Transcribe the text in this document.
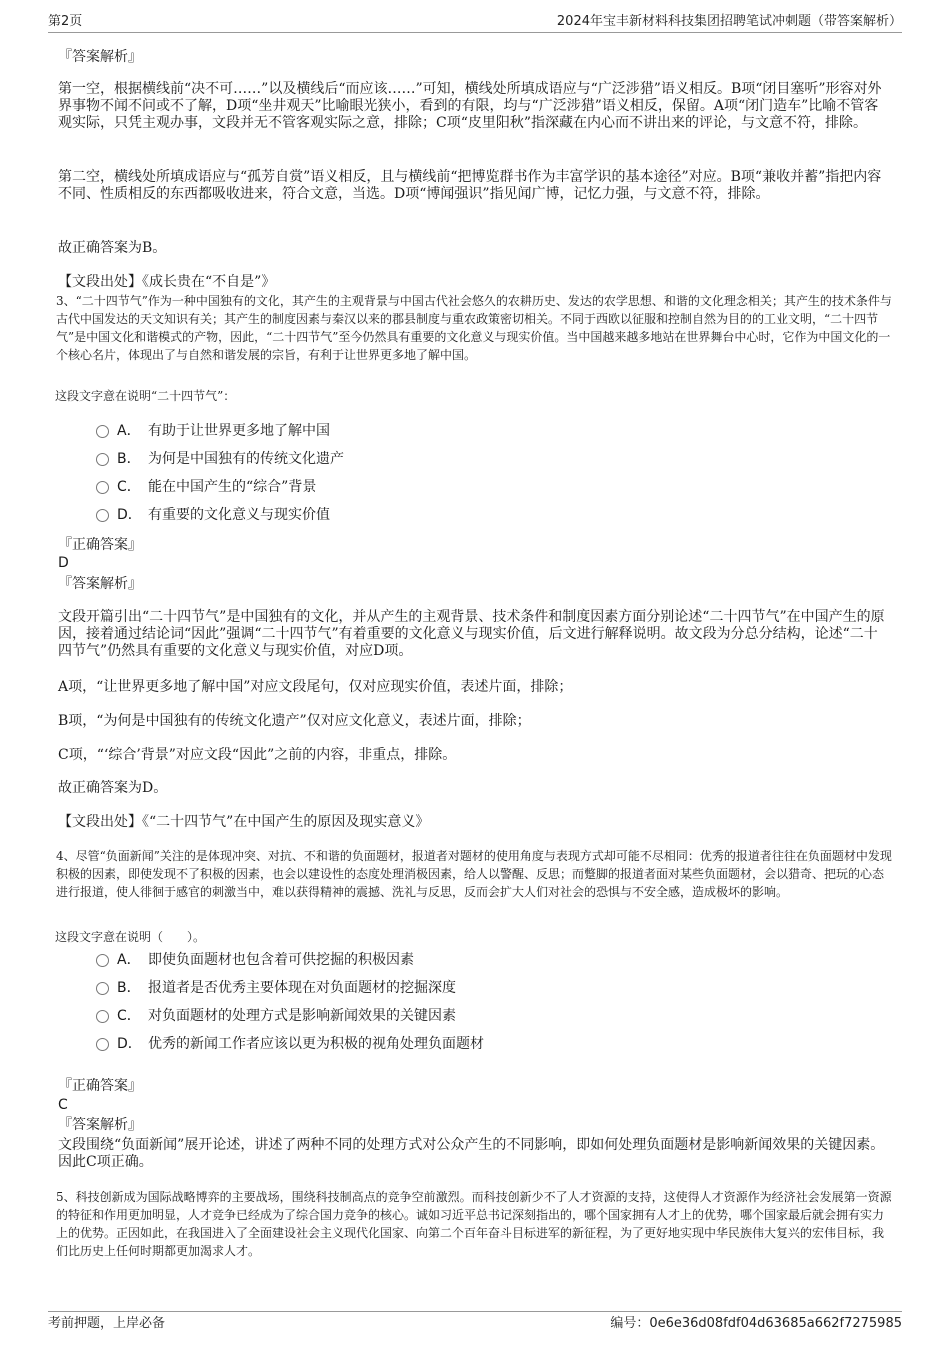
第2页	2024年宝丰新材料科技集团招聘笔试冲刺题（带答案解析）
『答案解析』

第一空，根据横线前“决不可……”以及横线后“而应该……”可知，横线处所填成语应与“广泛涉猎”语义相反。B项“闭目塞听”形容对外界事物不闻不问或不了解，D项“坐井观天”比喻眼光狭小，看到的有限，均与“广泛涉猎”语义相反，保留。A项“闭门造车”比喻不管客观实际，只凭主观办事，文段并无不管客观实际之意，排除；C项“皮里阳秋”指深藏在内心而不讲出来的评论，与文意不符，排除。

第二空，横线处所填成语应与“孤芳自赏”语义相反，且与横线前“把博览群书作为丰富学识的基本途径”对应。B项“兼收并蓄”指把内容不同、性质相反的东西都吸收进来，符合文意，当选。D项“博闻强识”指见闻广博，记忆力强，与文意不符，排除。

故正确答案为B。
【文段出处】《成长贵在“不自是”》

3、“二十四节气”作为一种中国独有的文化，其产生的主观背景与中国古代社会悠久的农耕历史、发达的农学思想、和谐的文化理念相关；其产生的技术条件与古代中国发达的天文知识有关；其产生的制度因素与秦汉以来的郡县制度与重农政策密切相关。不同于西欧以征服和控制自然为目的的工业文明，“二十四节气”是中国文化和谐模式的产物，因此，“二十四节气”至今仍然具有重要的文化意义与现实价值。当中国越来越多地站在世界舞台中心时，它作为中国文化的一个核心名片，体现出了与自然和谐发展的宗旨，有利于让世界更多地了解中国。

这段文字意在说明“二十四节气”：
A． 有助于让世界更多地了解中国
B． 为何是中国独有的传统文化遗产
C． 能在中国产生的“综合”背景
D． 有重要的文化意义与现实价值
『正确答案』
D
『答案解析』

文段开篇引出“二十四节气”是中国独有的文化，并从产生的主观背景、技术条件和制度因素方面分别论述“二十四节气”在中国产生的原因，接着通过结论词“因此”强调“二十四节气”有着重要的文化意义与现实价值，后文进行解释说明。故文段为分总分结构，论述“二十四节气”仍然具有重要的文化意义与现实价值，对应D项。

A项，“让世界更多地了解中国”对应文段尾句，仅对应现实价值，表述片面，排除；
B项，“为何是中国独有的传统文化遗产”仅对应文化意义，表述片面，排除；
C项，“‘综合’背景”对应文段“因此”之前的内容，非重点，排除。
故正确答案为D。
【文段出处】《“二十四节气”在中国产生的原因及现实意义》

4、尽管“负面新闻”关注的是体现冲突、对抗、不和谐的负面题材，报道者对题材的使用角度与表现方式却可能不尽相同：优秀的报道者往往在负面题材中发现积极的因素，即使发现不了积极的因素，也会以建设性的态度处理消极因素，给人以警醒、反思；而蹩脚的报道者面对某些负面题材，会以猎奇、把玩的心态进行报道，使人徘徊于感官的刺激当中，难以获得精神的震撼、洗礼与反思，反而会扩大人们对社会的恐惧与不安全感，造成极坏的影响。

这段文字意在说明（　　）。
A． 即使负面题材也包含着可供挖掘的积极因素
B． 报道者是否优秀主要体现在对负面题材的挖掘深度
C． 对负面题材的处理方式是影响新闻效果的关键因素
D． 优秀的新闻工作者应该以更为积极的视角处理负面题材
『正确答案』
C
『答案解析』

文段围绕“负面新闻”展开论述，讲述了两种不同的处理方式对公众产生的不同影响，即如何处理负面题材是影响新闻效果的关键因素。因此C项正确。

5、科技创新成为国际战略博弈的主要战场，围绕科技制高点的竞争空前激烈。而科技创新少不了人才资源的支持，这使得人才资源作为经济社会发展第一资源的特征和作用更加明显，人才竞争已经成为了综合国力竞争的核心。诚如习近平总书记深刻指出的，哪个国家拥有人才上的优势，哪个国家最后就会拥有实力上的优势。正因如此，在我国进入了全面建设社会主义现代化国家、向第二个百年奋斗目标进军的新征程，为了更好地实现中华民族伟大复兴的宏伟目标，我们比历史上任何时期都更加渴求人才。

考前押题，上岸必备	编号：0e6e36d08fdf04d63685a662f7275985
